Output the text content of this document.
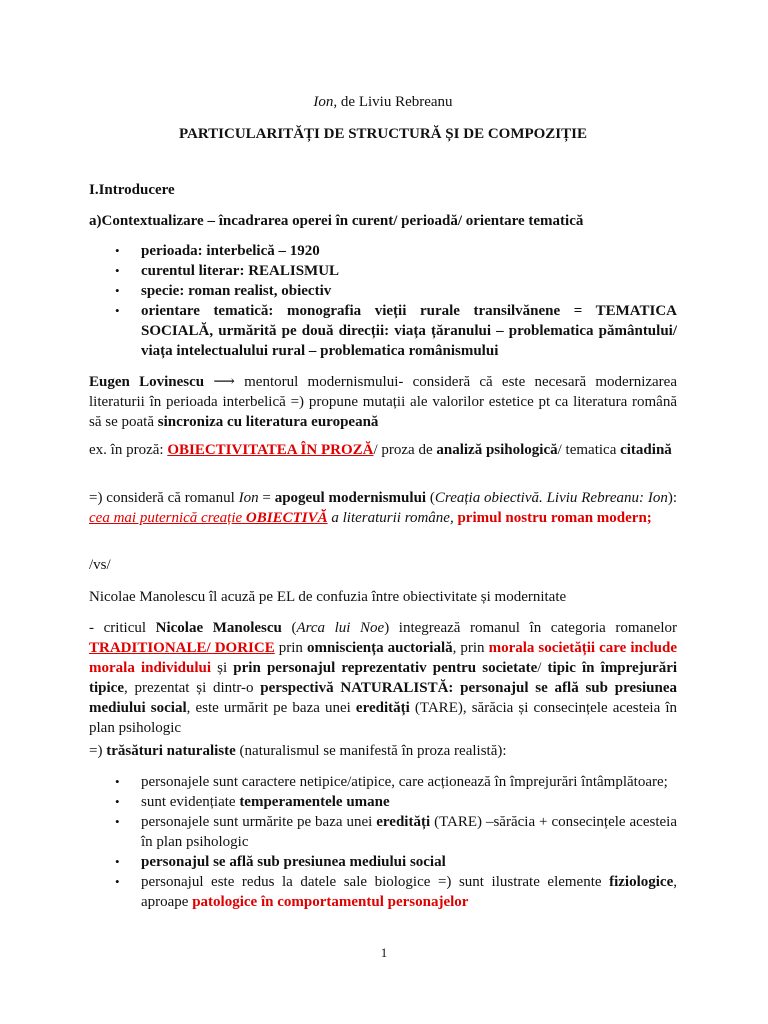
Ion, de Liviu Rebreanu

PARTICULARITĂȚI DE STRUCTURĂ ȘI DE COMPOZIȚIE

I.Introducere

a)Contextualizare – încadrarea operei în curent/ perioadă/ orientare tematică

• perioada: interbelică – 1920
• curentul literar: REALISMUL
• specie: roman realist, obiectiv
• orientare tematică: monografia vieții rurale transilvănene = TEMATICA SOCIALĂ, urmărită pe două direcții: viața țăranului – problematica pământului/ viața intelectualului rural – problematica românismului

Eugen Lovinescu ⟶ mentorul modernismului- consideră că este necesară modernizarea literaturii în perioada interbelică =) propune mutații ale valorilor estetice pt ca literatura română să se poată sincroniza cu literatura europeană

ex. în proză: OBIECTIVITATEA ÎN PROZĂ/ proza de analiză psihologică/ tematica citadină

=) consideră că romanul Ion = apogeul modernismului (Creația obiectivă. Liviu Rebreanu: Ion): cea mai puternică creație OBIECTIVĂ a literaturii române, primul nostru roman modern;

/vs/

Nicolae Manolescu îl acuză pe EL de confuzia între obiectivitate și modernitate

- criticul Nicolae Manolescu (Arca lui Noe) integrează romanul în categoria romanelor TRADITIONALE/ DORICE prin omnisciența auctorială, prin morala societății care include morala individului și prin personajul reprezentativ pentru societate/ tipic în împrejurări tipice, prezentat și dintr-o perspectivă NATURALISTĂ: personajul se află sub presiunea mediului social, este urmărit pe baza unei eredități (TARE), sărăcia și consecințele acesteia în plan psihologic

=) trăsături naturaliste (naturalismul se manifestă în proza realistă):

• personajele sunt caractere netipice/atipice, care acționează în împrejurări întâmplătoare;
• sunt evidențiate temperamentele umane
• personajele sunt urmărite pe baza unei eredități (TARE) –sărăcia + consecințele acesteia în plan psihologic
• personajul se află sub presiunea mediului social
• personajul este redus la datele sale biologice =) sunt ilustrate elemente fiziologice, aproape patologice în comportamentul personajelor
1
